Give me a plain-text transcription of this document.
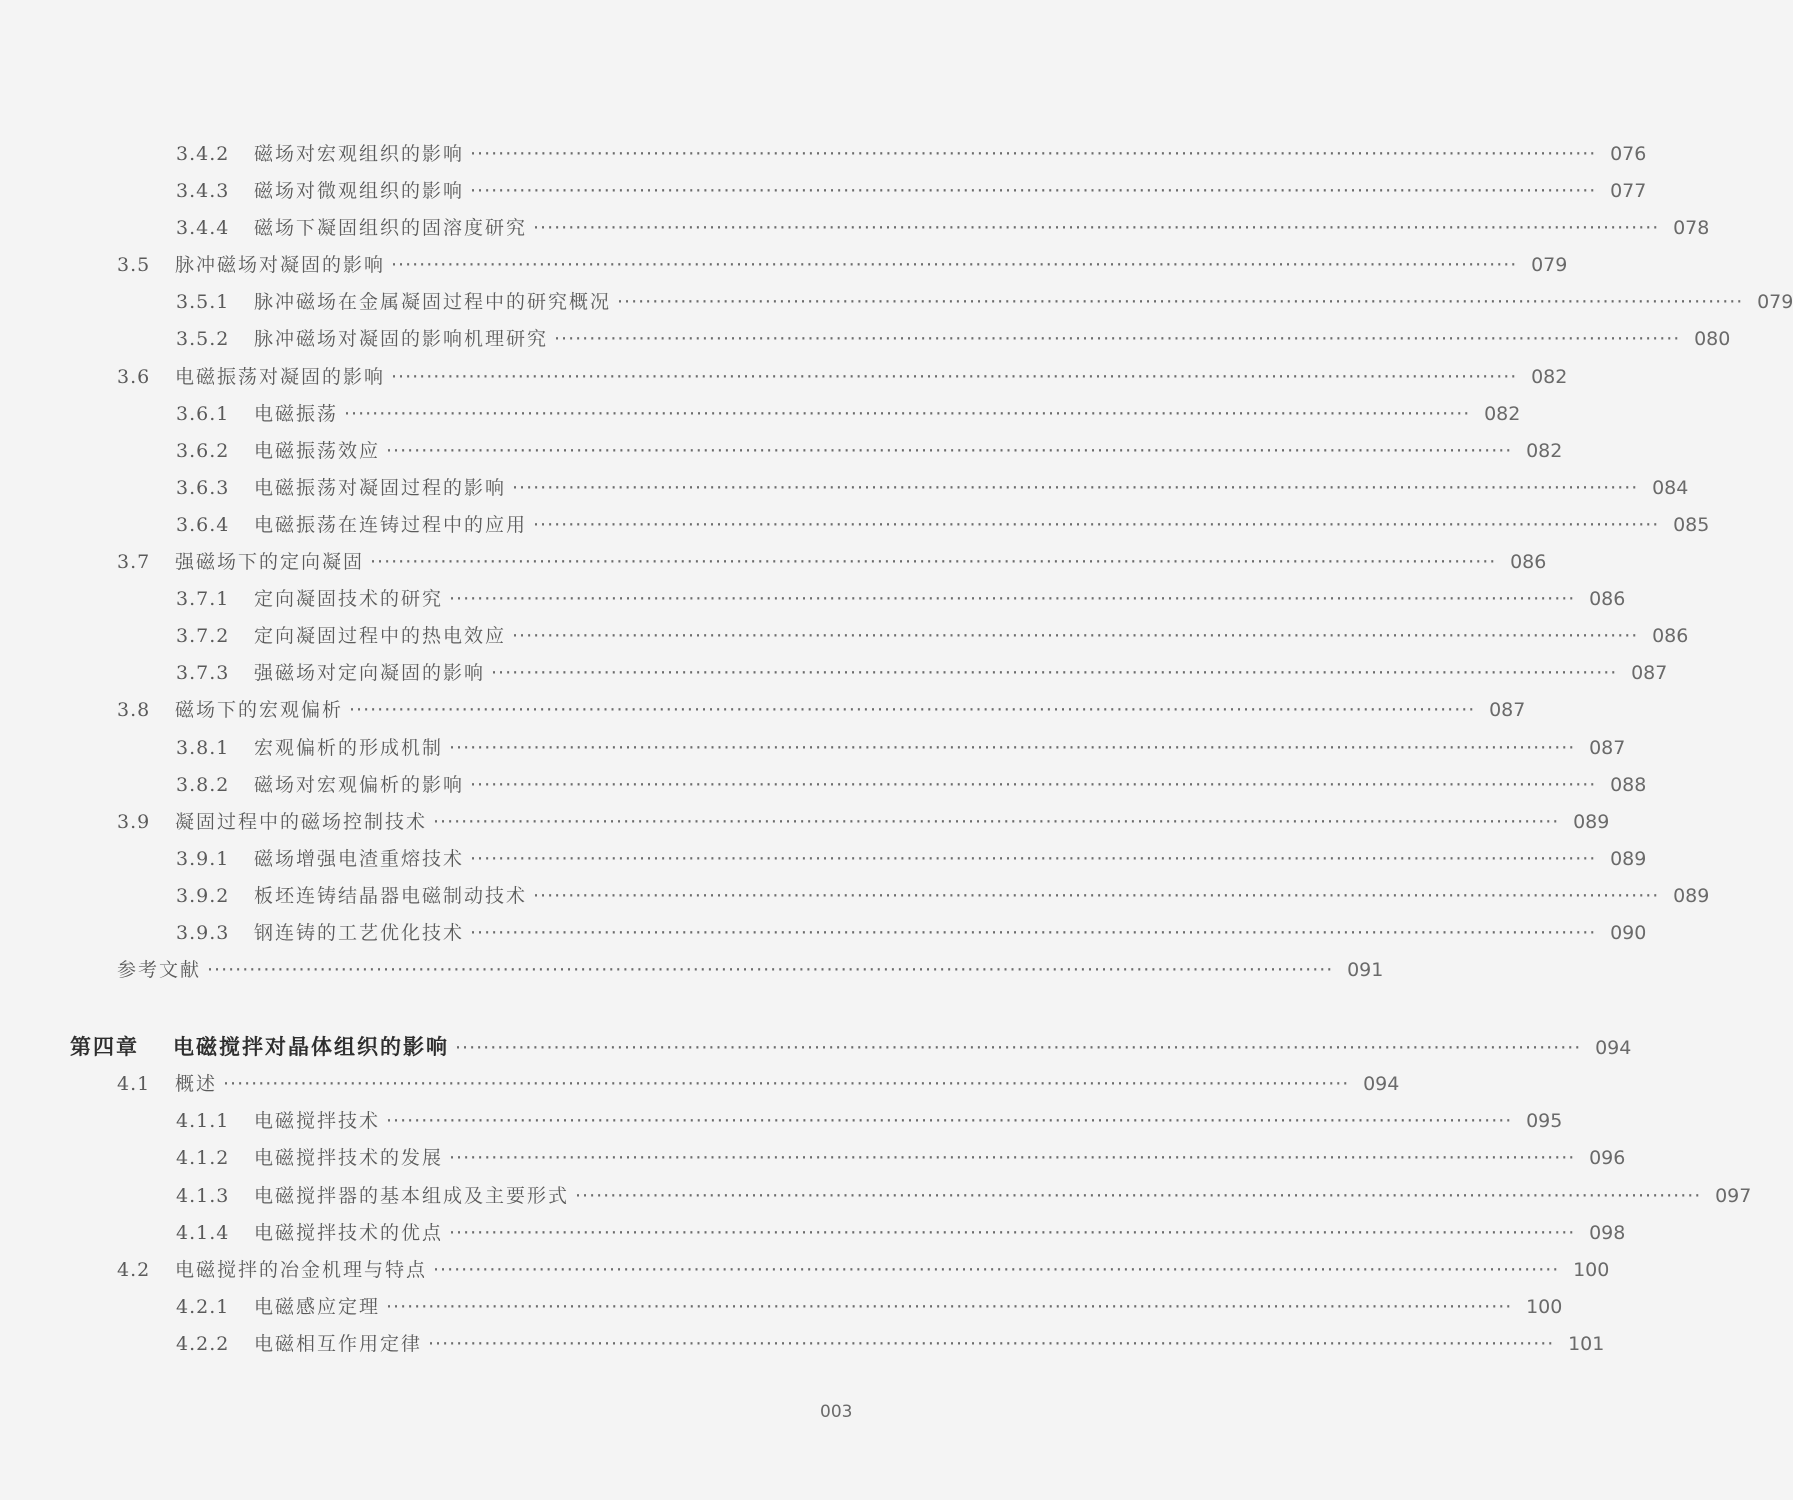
3.4.2	磁场对宏观组织的影响 ································································································································································ 076
3.4.3	磁场对微观组织的影响 ································································································································································ 077
3.4.4	磁场下凝固组织的固溶度研究 ································································································································································ 078
3.5	脉冲磁场对凝固的影响 ································································································································································ 079
3.5.1	脉冲磁场在金属凝固过程中的研究概况 ································································································································································ 079
3.5.2	脉冲磁场对凝固的影响机理研究 ································································································································································ 080
3.6	电磁振荡对凝固的影响 ································································································································································ 082
3.6.1	电磁振荡 ································································································································································ 082
3.6.2	电磁振荡效应 ································································································································································ 082
3.6.3	电磁振荡对凝固过程的影响 ································································································································································ 084
3.6.4	电磁振荡在连铸过程中的应用 ································································································································································ 085
3.7	强磁场下的定向凝固 ································································································································································ 086
3.7.1	定向凝固技术的研究 ································································································································································ 086
3.7.2	定向凝固过程中的热电效应 ································································································································································ 086
3.7.3	强磁场对定向凝固的影响 ································································································································································ 087
3.8	磁场下的宏观偏析 ································································································································································ 087
3.8.1	宏观偏析的形成机制 ································································································································································ 087
3.8.2	磁场对宏观偏析的影响 ································································································································································ 088
3.9	凝固过程中的磁场控制技术 ································································································································································ 089
3.9.1	磁场增强电渣重熔技术 ································································································································································ 089
3.9.2	板坯连铸结晶器电磁制动技术 ································································································································································ 089
3.9.3	钢连铸的工艺优化技术 ································································································································································ 090
参考文献 ································································································································································ 091
第四章	电磁搅拌对晶体组织的影响 ································································································································································ 094
4.1	概述 ································································································································································ 094
4.1.1	电磁搅拌技术 ································································································································································ 095
4.1.2	电磁搅拌技术的发展 ································································································································································ 096
4.1.3	电磁搅拌器的基本组成及主要形式 ································································································································································ 097
4.1.4	电磁搅拌技术的优点 ································································································································································ 098
4.2	电磁搅拌的冶金机理与特点 ································································································································································ 100
4.2.1	电磁感应定理 ································································································································································ 100
4.2.2	电磁相互作用定律 ································································································································································ 101
003
